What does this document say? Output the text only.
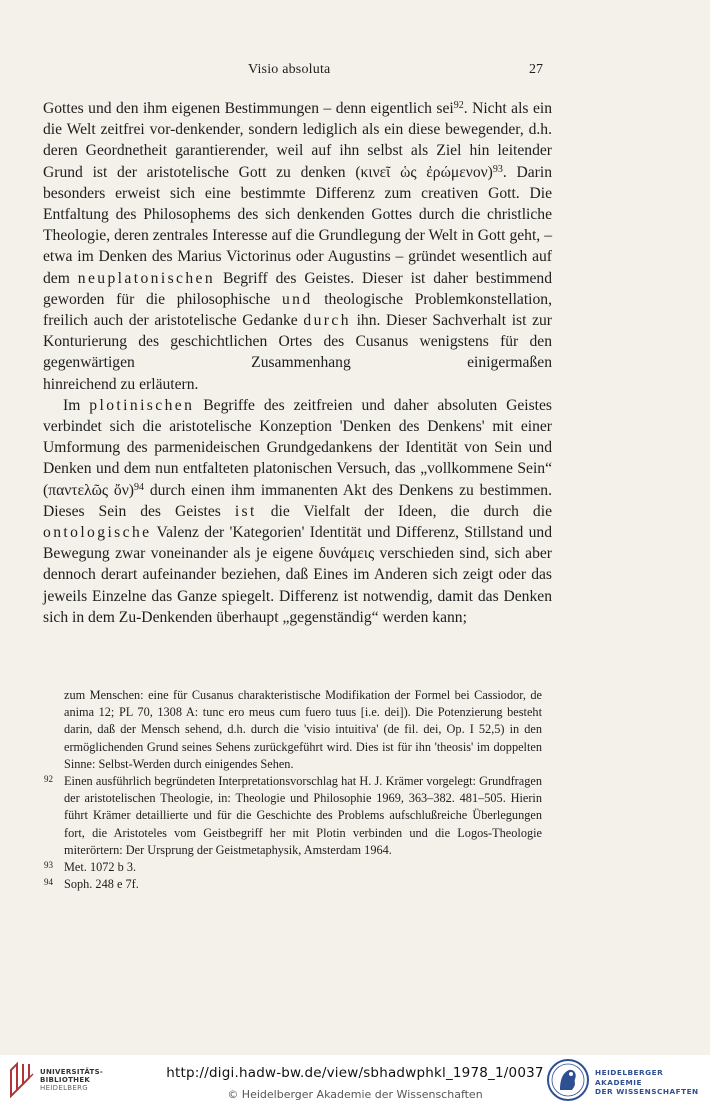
Visio absoluta	27

Gottes und den ihm eigenen Bestimmungen – denn eigentlich sei$^{92}$. Nicht als ein die Welt zeitfrei vor-denkender, sondern lediglich als ein diese bewegender, d.h. deren Geordnetheit garantierender, weil auf ihn selbst als Ziel hin leitender Grund ist der aristotelische Gott zu denken (κινεῖ ὡς ἐρώμενον)$^{93}$. Darin besonders erweist sich eine bestimmte Differenz zum creativen Gott. Die Entfaltung des Philosophems des sich denkenden Gottes durch die christliche Theologie, deren zentrales Interesse auf die Grundlegung der Welt in Gott geht, – etwa im Denken des Marius Victorinus oder Augustins – gründet wesentlich auf dem neuplatonischen Begriff des Geistes. Dieser ist daher bestimmend geworden für die philosophische und theologische Problemkonstellation, freilich auch der aristotelische Gedanke durch ihn. Dieser Sachverhalt ist zur Konturierung des geschichtlichen Ortes des Cusanus wenigstens für den gegenwärtigen Zusammenhang einigermaßen

hinreichend zu erläutern.

Im plotinischen Begriffe des zeitfreien und daher absoluten Geistes verbindet sich die aristotelische Konzeption 'Denken des Denkens' mit einer Umformung des parmenideischen Grundgedankens der Identität von Sein und Denken und dem nun entfalteten platonischen Versuch, das „vollkommene Sein“ (παντελῶς ὄν)$^{94}$ durch einen ihm immanenten Akt des Denkens zu bestimmen. Dieses Sein des Geistes ist die Vielfalt der Ideen, die durch die ontologische Valenz der 'Kategorien' Identität und Differenz, Stillstand und Bewegung zwar voneinander als je eigene δυνάμεις verschieden sind, sich aber dennoch derart aufeinander beziehen, daß Eines im Anderen sich zeigt oder das jeweils Einzelne das Ganze spiegelt. Differenz ist notwendig, damit das Denken sich in dem Zu-Denkenden überhaupt „gegenständig“ werden kann;

zum Menschen: eine für Cusanus charakteristische Modifikation der Formel bei Cassiodor, de anima 12; PL 70, 1308 A: tunc ero meus cum fuero tuus [i.e. dei]). Die Potenzierung besteht darin, daß der Mensch sehend, d.h. durch die 'visio intuitiva' (de fil. dei, Op. I 52,5) in den ermöglichenden Grund seines Sehens zurückgeführt wird. Dies ist für ihn 'theosis' im doppelten Sinne: Selbst-Werden durch einigendes Sehen.
92 Einen ausführlich begründeten Interpretationsvorschlag hat H. J. Krämer vorgelegt: Grundfragen der aristotelischen Theologie, in: Theologie und Philosophie 1969, 363–382. 481–505. Hierin führt Krämer detaillierte und für die Geschichte des Problems aufschlußreiche Überlegungen fort, die Aristoteles vom Geistbegriff her mit Plotin verbinden und die Logos-Theologie miterörtern: Der Ursprung der Geistmetaphysik, Amsterdam 1964.
93 Met. 1072 b 3.
94 Soph. 248 e 7f.
UNIVERSITÄTS-
BIBLIOTHEK
HEIDELBERG
http://digi.hadw-bw.de/view/sbhadwphkl_1978_1/0037
© Heidelberger Akademie der Wissenschaften
HEIDELBERGER AKADEMIE
DER WISSENSCHAFTEN
